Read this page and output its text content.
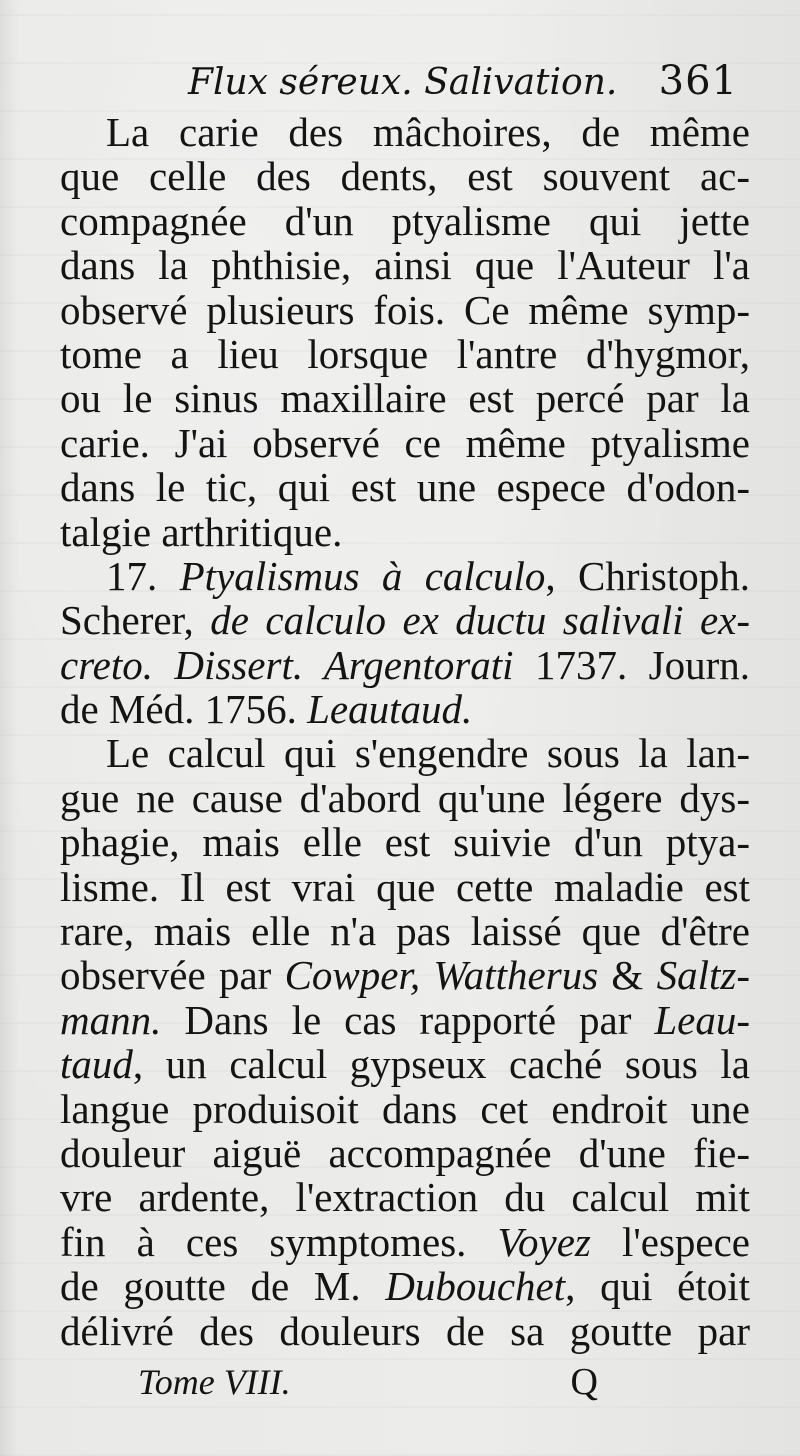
Flux séreux. Salivation. 361
La carie des mâchoires, de même
que celle des dents, est souvent ac-
compagnée d'un ptyalisme qui jette
dans la phthisie, ainsi que l'Auteur l'a
observé plusieurs fois. Ce même symp-
tome a lieu lorsque l'antre d'hygmor,
ou le sinus maxillaire est percé par la
carie. J'ai observé ce même ptyalisme
dans le tic, qui est une espece d'odon-
talgie arthritique.
17. Ptyalismus à calculo, Christoph.
Scherer, de calculo ex ductu salivali ex-
creto. Dissert. Argentorati 1737. Journ.
de Méd. 1756. Leautaud.
Le calcul qui s'engendre sous la lan-
gue ne cause d'abord qu'une légere dys-
phagie, mais elle est suivie d'un ptya-
lisme. Il est vrai que cette maladie est
rare, mais elle n'a pas laissé que d'être
observée par Cowper, Wattherus & Saltz-
mann. Dans le cas rapporté par Leau-
taud, un calcul gypseux caché sous la
langue produisoit dans cet endroit une
douleur aiguë accompagnée d'une fie-
vre ardente, l'extraction du calcul mit
fin à ces symptomes. Voyez l'espece
de goutte de M. Dubouchet, qui étoit
délivré des douleurs de sa goutte par
Tome VIII.	Q
